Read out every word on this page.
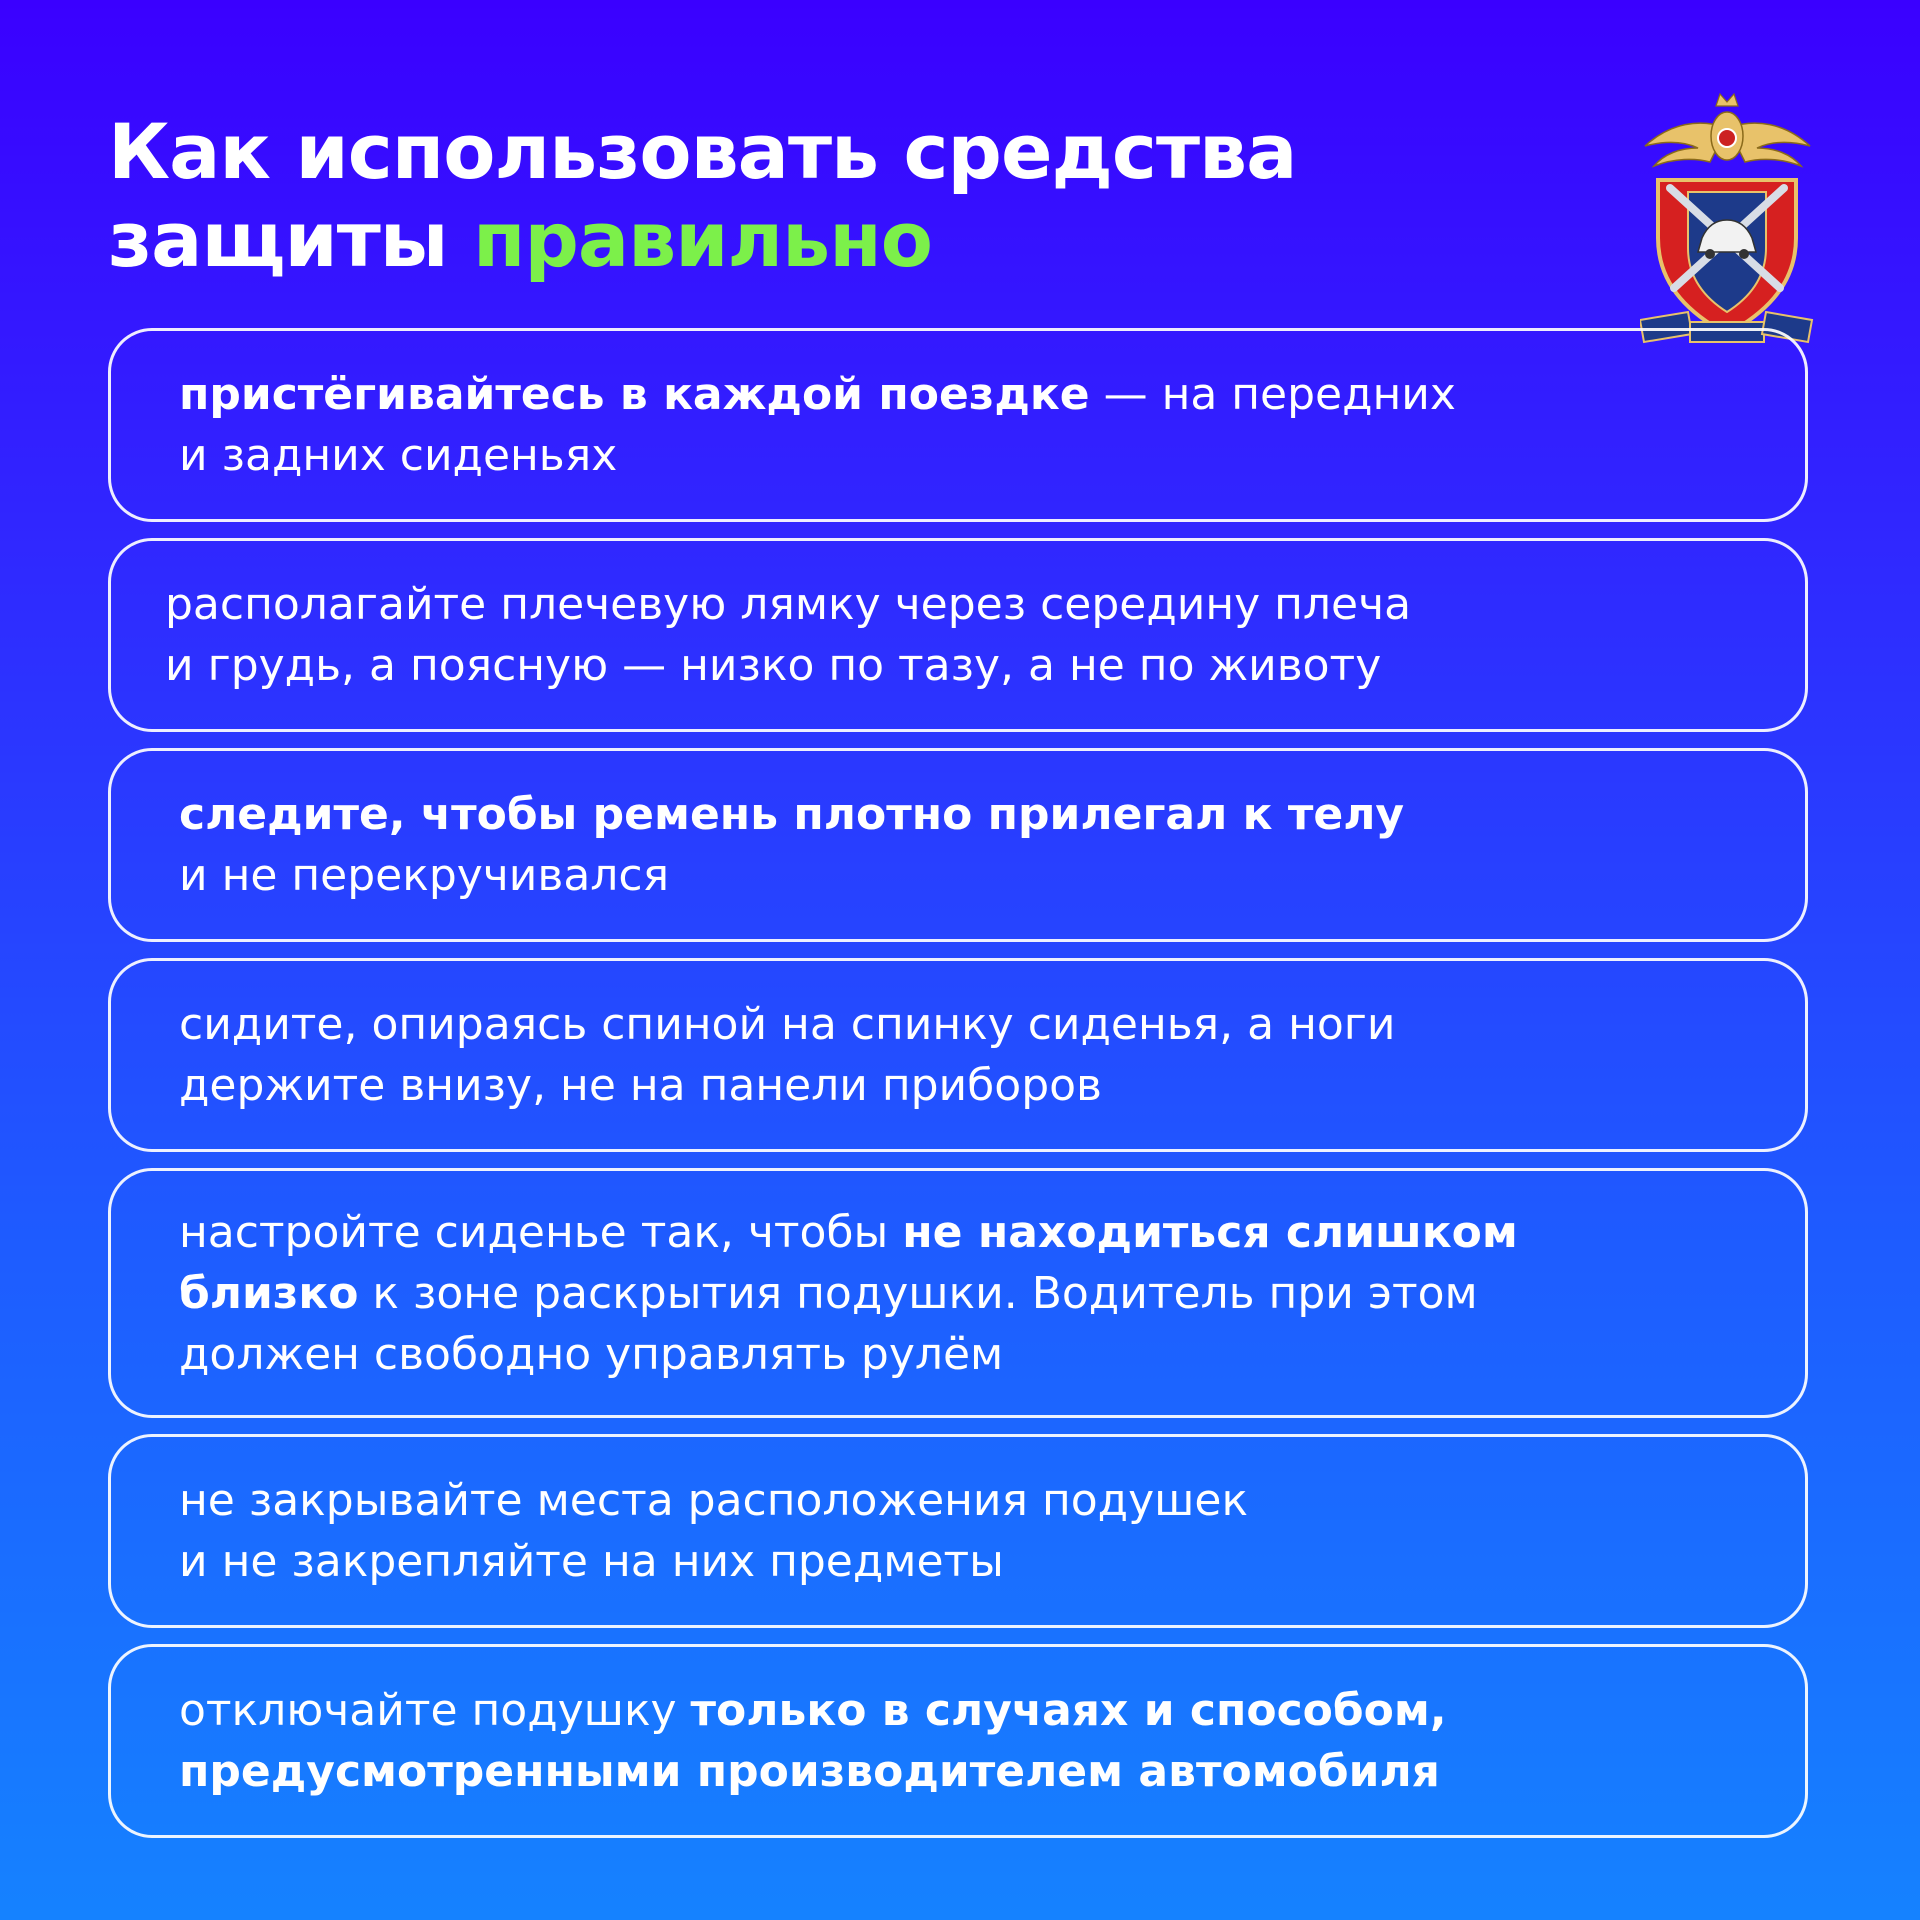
Как использовать средства
защиты правильно

пристёгивайтесь в каждой поездке — на передних
и задних сиденьях

располагайте плечевую лямку через середину плеча
и грудь, а поясную — низко по тазу, а не по животу

следите, чтобы ремень плотно прилегал к телу
и не перекручивался

сидите, опираясь спиной на спинку сиденья, а ноги
держите внизу, не на панели приборов

настройте сиденье так, чтобы не находиться слишком
близко к зоне раскрытия подушки. Водитель при этом
должен свободно управлять рулём

не закрывайте места расположения подушек
и не закрепляйте на них предметы

отключайте подушку только в случаях и способом,
предусмотренными производителем автомобиля
